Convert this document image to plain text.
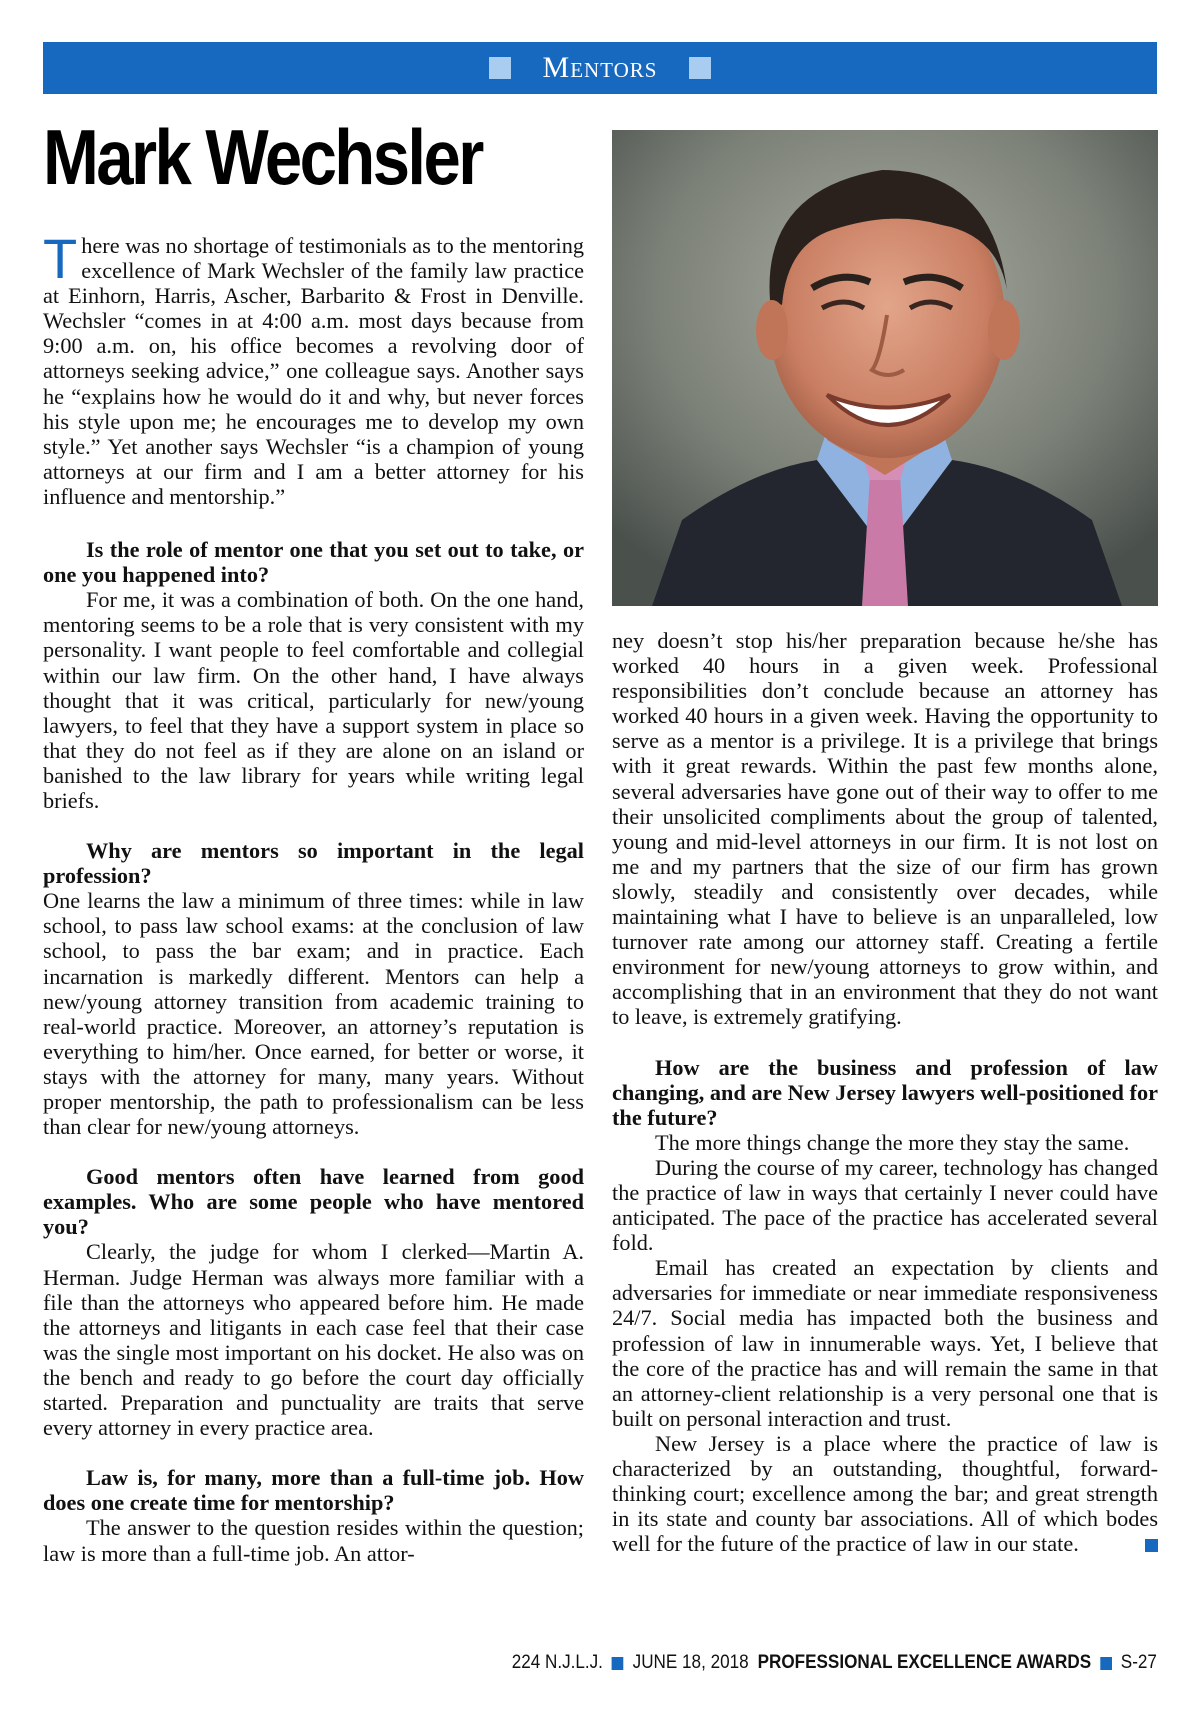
Mentors
Mark Wechsler

There was no shortage of testimonials as to the mentoring excellence of Mark Wechsler of the family law practice at Einhorn, Harris, Ascher, Barbarito & Frost in Denville. Wechsler “comes in at 4:00 a.m. most days because from 9:00 a.m. on, his office becomes a revolving door of attorneys seeking advice,” one colleague says. Another says he “explains how he would do it and why, but never forces his style upon me; he encourages me to develop my own style.” Yet another says Wechsler “is a champion of young attorneys at our firm and I am a better attorney for his influence and mentorship.”

Is the role of mentor one that you set out to take, or one you happened into?

For me, it was a combination of both. On the one hand, mentoring seems to be a role that is very consistent with my personality. I want people to feel comfortable and collegial within our law firm. On the other hand, I have always thought that it was critical, particularly for new/young lawyers, to feel that they have a support system in place so that they do not feel as if they are alone on an island or banished to the law library for years while writing legal briefs.

Why are mentors so important in the legal profession?

One learns the law a minimum of three times: while in law school, to pass law school exams: at the conclusion of law school, to pass the bar exam; and in practice. Each incarnation is markedly different. Mentors can help a new/young attorney transition from academic training to real-world practice. Moreover, an attorney’s reputation is everything to him/her. Once earned, for better or worse, it stays with the attorney for many, many years. Without proper mentorship, the path to professionalism can be less than clear for new/young attorneys.

Good mentors often have learned from good examples. Who are some people who have mentored you?

Clearly, the judge for whom I clerked—Martin A. Herman. Judge Herman was always more familiar with a file than the attorneys who appeared before him. He made the attorneys and litigants in each case feel that their case was the single most important on his docket. He also was on the bench and ready to go before the court day officially started. Preparation and punctuality are traits that serve every attorney in every practice area.

Law is, for many, more than a full-time job. How does one create time for mentorship?

The answer to the question resides within the question; law is more than a full-time job. An attor-

ney doesn’t stop his/her preparation because he/she has worked 40 hours in a given week. Professional responsibilities don’t conclude because an attorney has worked 40 hours in a given week. Having the opportunity to serve as a mentor is a privilege. It is a privilege that brings with it great rewards. Within the past few months alone, several adversaries have gone out of their way to offer to me their unsolicited compliments about the group of talented, young and mid-level attorneys in our firm. It is not lost on me and my partners that the size of our firm has grown slowly, steadily and consistently over decades, while maintaining what I have to believe is an unparalleled, low turnover rate among our attorney staff. Creating a fertile environment for new/young attorneys to grow within, and accomplishing that in an environment that they do not want to leave, is extremely gratifying.

How are the business and profession of law changing, and are New Jersey lawyers well-positioned for the future?

The more things change the more they stay the same.

During the course of my career, technology has changed the practice of law in ways that certainly I never could have anticipated. The pace of the practice has accelerated several fold.

Email has created an expectation by clients and adversaries for immediate or near immediate responsiveness 24/7. Social media has impacted both the business and profession of law in innumerable ways. Yet, I believe that the core of the practice has and will remain the same in that an attorney-client relationship is a very personal one that is built on personal interaction and trust.

New Jersey is a place where the practice of law is characterized by an outstanding, thoughtful, forward-thinking court; excellence among the bar; and great strength in its state and county bar associations. All of which bodes well for the future of the practice of law in our state.

224 N.J.L.J. JUNE 18, 2018 PROFESSIONAL EXCELLENCE AWARDS S-27
